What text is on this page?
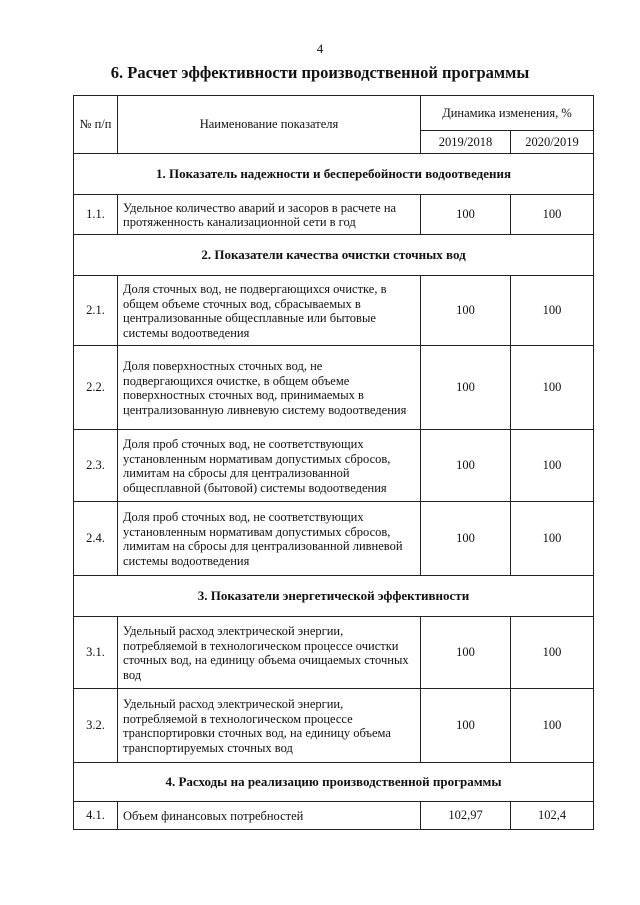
4
6. Расчет эффективности производственной программы
№ п/п	Наименование показателя	Динамика изменения, %	
		2019/2018	2020/2019
1. Показатель надежности и бесперебойности водоотведения			
1.1.	Удельное количество аварий и засоров в расчете на протяженность канализационной сети в год	100	100
2. Показатели качества очистки сточных вод			
2.1.	Доля сточных вод, не подвергающихся очистке, в общем объеме сточных вод, сбрасываемых в централизованные общесплавные или бытовые системы водоотведения	100	100
2.2.	Доля поверхностных сточных вод, не подвергающихся очистке, в общем объеме поверхностных сточных вод, принимаемых в централизованную ливневую систему водоотведения	100	100
2.3.	Доля проб сточных вод, не соответствующих установленным нормативам допустимых сбросов, лимитам на сбросы для централизованной общесплавной (бытовой) системы водоотведения	100	100
2.4.	Доля проб сточных вод, не соответствующих установленным нормативам допустимых сбросов, лимитам на сбросы для централизованной ливневой системы водоотведения	100	100
3. Показатели энергетической эффективности			
3.1.	Удельный расход электрической энергии, потребляемой в технологическом процессе очистки сточных вод, на единицу объема очищаемых сточных вод	100	100
3.2.	Удельный расход электрической энергии, потребляемой в технологическом процессе транспортировки сточных вод, на единицу объема транспортируемых сточных вод	100	100
4. Расходы на реализацию производственной программы			
4.1.	Объем финансовых потребностей	102,97	102,4
